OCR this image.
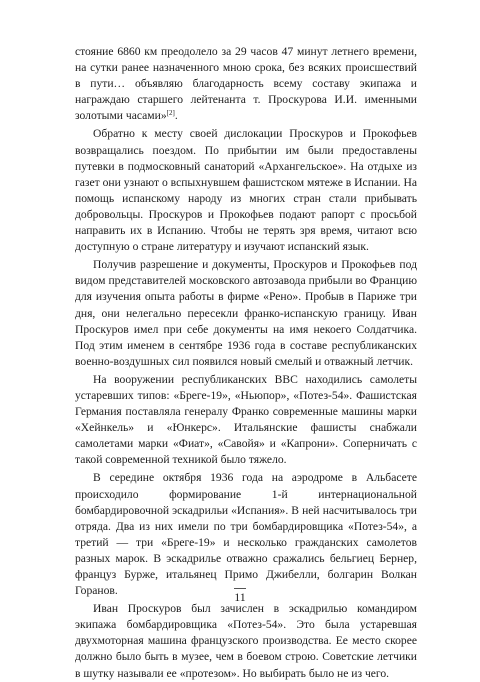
стояние 6860 км преодолело за 29 часов 47 минут летнего времени, на сутки ранее назначенного мною срока, без всяких происшествий в пути… объявляю благодарность всему составу экипажа и награждаю старшего лейтенанта т. Проскурова И.И. именными золотыми часами»[2].

Обратно к месту своей дислокации Проскуров и Прокофьев возвращались поездом. По прибытии им были предоставлены путевки в подмосковный санаторий «Архангельское». На отдыхе из газет они узнают о вспыхнувшем фашистском мятеже в Испании. На помощь испанскому народу из многих стран стали прибывать добровольцы. Проскуров и Прокофьев подают рапорт с просьбой направить их в Испанию. Чтобы не терять зря время, читают всю доступную о стране литературу и изучают испанский язык.

Получив разрешение и документы, Проскуров и Прокофьев под видом представителей московского автозавода прибыли во Францию для изучения опыта работы в фирме «Рено». Пробыв в Париже три дня, они нелегально пересекли франко-испанскую границу. Иван Проскуров имел при себе документы на имя некоего Солдатчика. Под этим именем в сентябре 1936 года в составе республиканских военно-воздушных сил появился новый смелый и отважный летчик.

На вооружении республиканских ВВС находились самолеты устаревших типов: «Бреге-19», «Ньюпор», «Потез-54». Фашистская Германия поставляла генералу Франко современные машины марки «Хейнкель» и «Юнкерс». Итальянские фашисты снабжали самолетами марки «Фиат», «Савойя» и «Капрони». Соперничать с такой современной техникой было тяжело.

В середине октября 1936 года на аэродроме в Альбасете происходило формирование 1-й интернациональной бомбардировочной эскадрильи «Испания». В ней насчитывалось три отряда. Два из них имели по три бомбардировщика «Потез-54», а третий — три «Бреге-19» и несколько гражданских самолетов разных марок. В эскадрилье отважно сражались бельгиец Бернер, француз Бурже, итальянец Примо Джибелли, болгарин Волкан Горанов.

Иван Проскуров был зачислен в эскадрилью командиром экипажа бомбардировщика «Потез-54». Это была устаревшая двухмоторная машина французского производства. Ее место скорее должно было быть в музее, чем в боевом строю. Советские летчики в шутку называли ее «протезом». Но выбирать было не из чего.

11
